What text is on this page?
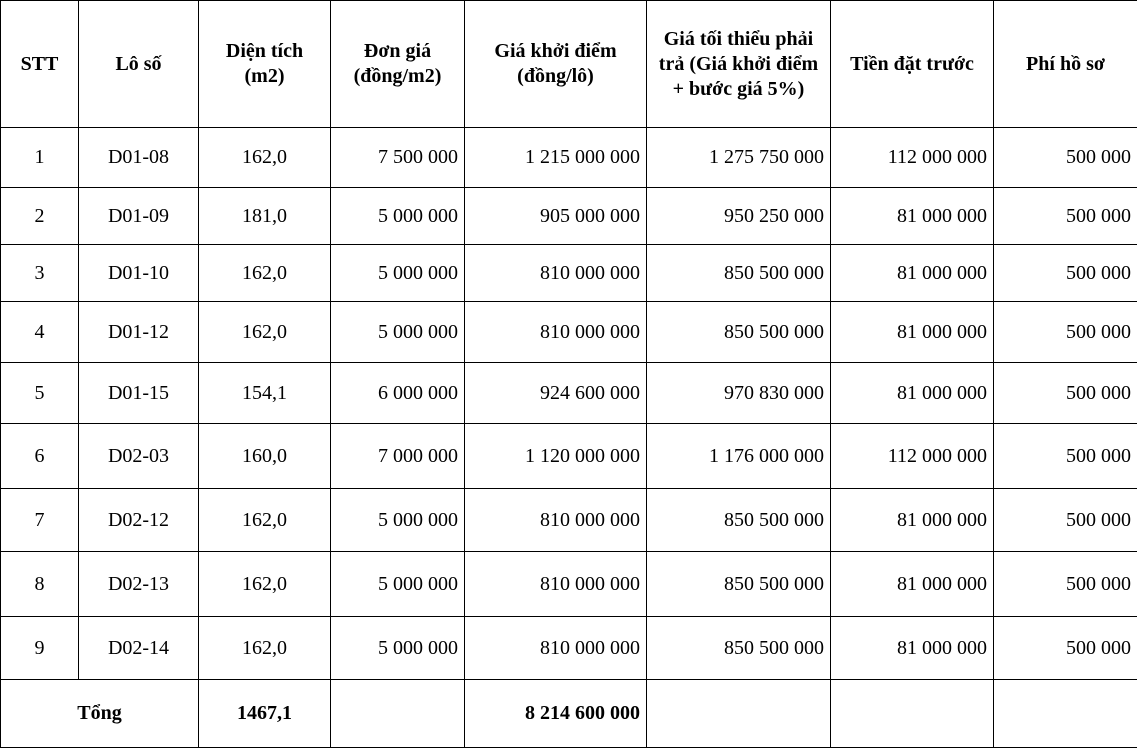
STT	Lô số	Diện tích (m2)	Đơn giá (đồng/m2)	Giá khởi điểm (đồng/lô)	Giá tối thiểu phải trả (Giá khởi điểm + bước giá 5%)	Tiền đặt trước	Phí hồ sơ
1	D01-08	162,0	7 500 000	1 215 000 000	1 275 750 000	112 000 000	500 000
2	D01-09	181,0	5 000 000	905 000 000	950 250 000	81 000 000	500 000
3	D01-10	162,0	5 000 000	810 000 000	850 500 000	81 000 000	500 000
4	D01-12	162,0	5 000 000	810 000 000	850 500 000	81 000 000	500 000
5	D01-15	154,1	6 000 000	924 600 000	970 830 000	81 000 000	500 000
6	D02-03	160,0	7 000 000	1 120 000 000	1 176 000 000	112 000 000	500 000
7	D02-12	162,0	5 000 000	810 000 000	850 500 000	81 000 000	500 000
8	D02-13	162,0	5 000 000	810 000 000	850 500 000	81 000 000	500 000
9	D02-14	162,0	5 000 000	810 000 000	850 500 000	81 000 000	500 000
Tổng		1467,1		8 214 600 000			
